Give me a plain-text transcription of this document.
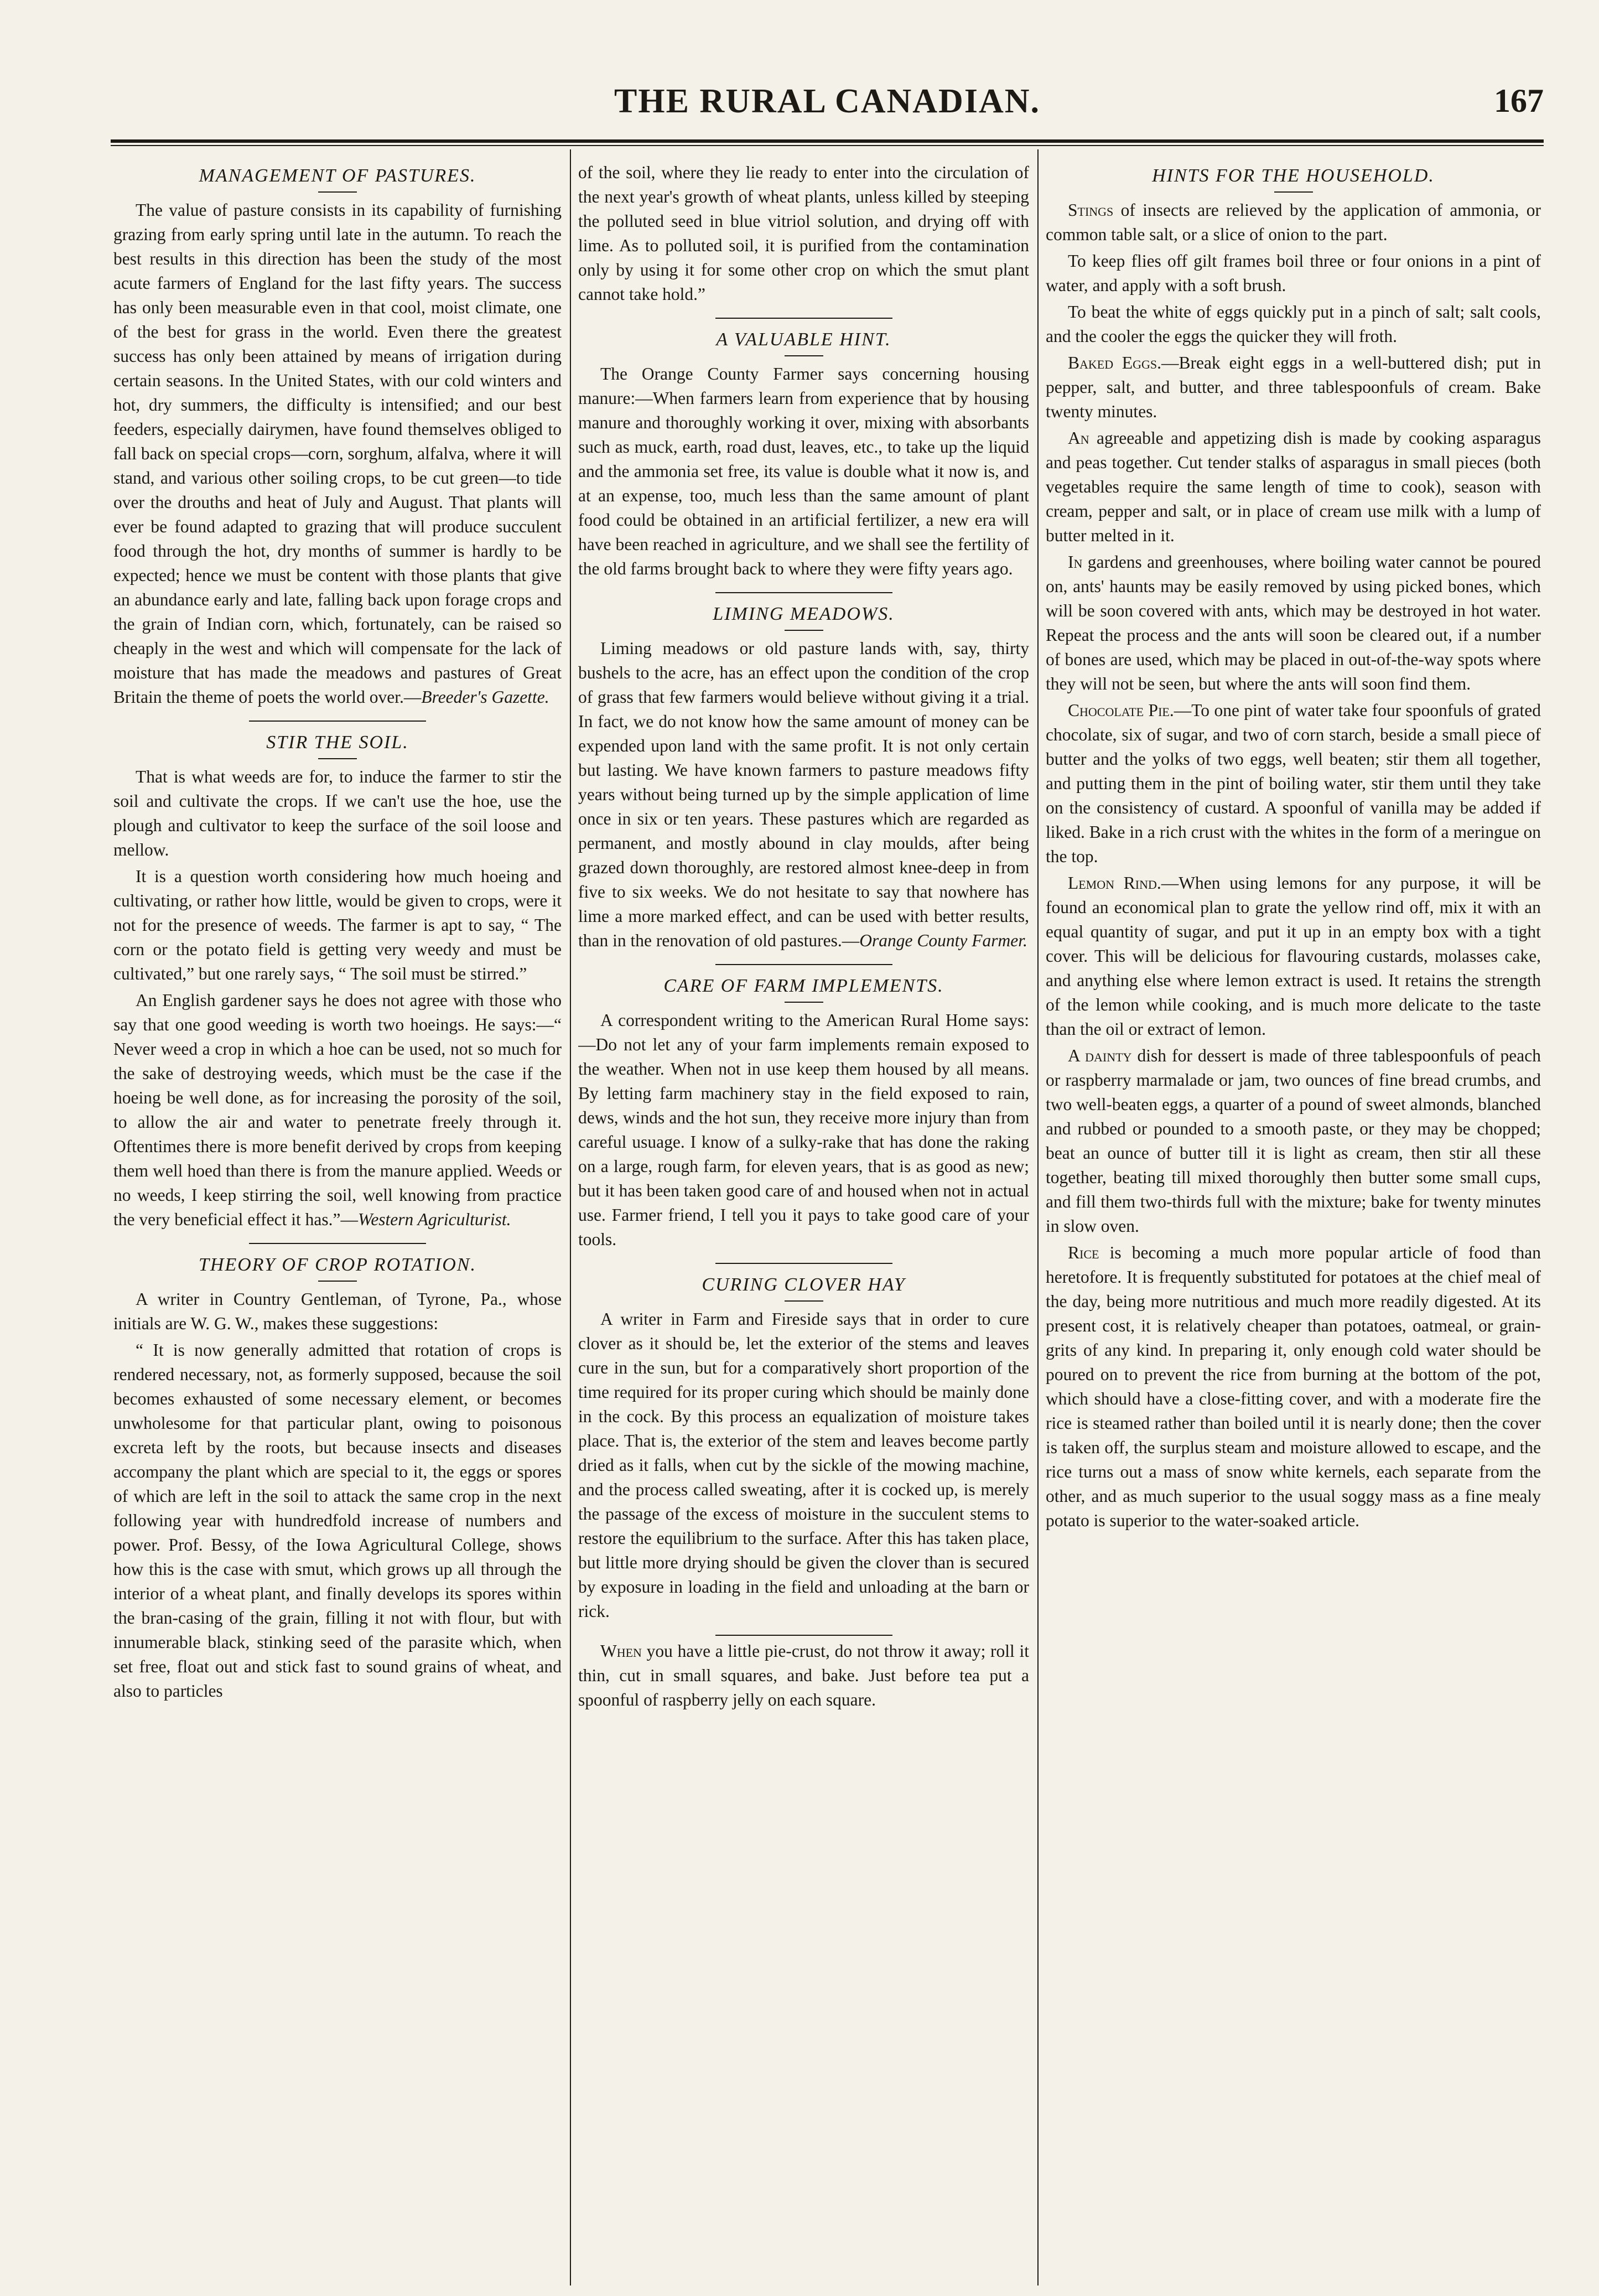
THE RURAL CANADIAN.	167
MANAGEMENT OF PASTURES.

The value of pasture consists in its capability of furnishing grazing from early spring until late in the autumn. To reach the best results in this direction has been the study of the most acute farmers of England for the last fifty years. The success has only been measurable even in that cool, moist climate, one of the best for grass in the world. Even there the greatest success has only been attained by means of irrigation during certain seasons. In the United States, with our cold winters and hot, dry summers, the difficulty is intensified; and our best feeders, especially dairymen, have found themselves obliged to fall back on special crops—corn, sorghum, alfalva, where it will stand, and various other soiling crops, to be cut green—to tide over the drouths and heat of July and August. That plants will ever be found adapted to grazing that will produce succulent food through the hot, dry months of summer is hardly to be expected; hence we must be content with those plants that give an abundance early and late, falling back upon forage crops and the grain of Indian corn, which, fortunately, can be raised so cheaply in the west and which will compensate for the lack of moisture that has made the meadows and pastures of Great Britain the theme of poets the world over.—Breeder's Gazette.

STIR THE SOIL.

That is what weeds are for, to induce the farmer to stir the soil and cultivate the crops. If we can't use the hoe, use the plough and cultivator to keep the surface of the soil loose and mellow.

It is a question worth considering how much hoeing and cultivating, or rather how little, would be given to crops, were it not for the presence of weeds. The farmer is apt to say, “ The corn or the potato field is getting very weedy and must be cultivated,” but one rarely says, “ The soil must be stirred.”

An English gardener says he does not agree with those who say that one good weeding is worth two hoeings. He says:—“ Never weed a crop in which a hoe can be used, not so much for the sake of destroying weeds, which must be the case if the hoeing be well done, as for increasing the porosity of the soil, to allow the air and water to penetrate freely through it. Oftentimes there is more benefit derived by crops from keeping them well hoed than there is from the manure applied. Weeds or no weeds, I keep stirring the soil, well knowing from practice the very beneficial effect it has.”—Western Agriculturist.

THEORY OF CROP ROTATION.

A writer in Country Gentleman, of Tyrone, Pa., whose initials are W. G. W., makes these suggestions:

“ It is now generally admitted that rotation of crops is rendered necessary, not, as formerly supposed, because the soil becomes exhausted of some necessary element, or becomes unwholesome for that particular plant, owing to poisonous excreta left by the roots, but because insects and diseases accompany the plant which are special to it, the eggs or spores of which are left in the soil to attack the same crop in the next following year with hundredfold increase of numbers and power. Prof. Bessy, of the Iowa Agricultural College, shows how this is the case with smut, which grows up all through the interior of a wheat plant, and finally develops its spores within the bran-casing of the grain, filling it not with flour, but with innumerable black, stinking seed of the parasite which, when set free, float out and stick fast to sound grains of wheat, and also to particles

of the soil, where they lie ready to enter into the circulation of the next year's growth of wheat plants, unless killed by steeping the polluted seed in blue vitriol solution, and drying off with lime. As to polluted soil, it is purified from the contamination only by using it for some other crop on which the smut plant cannot take hold.”

A VALUABLE HINT.

The Orange County Farmer says concerning housing manure:—When farmers learn from experience that by housing manure and thoroughly working it over, mixing with absorbants such as muck, earth, road dust, leaves, etc., to take up the liquid and the ammonia set free, its value is double what it now is, and at an expense, too, much less than the same amount of plant food could be obtained in an artificial fertilizer, a new era will have been reached in agriculture, and we shall see the fertility of the old farms brought back to where they were fifty years ago.

LIMING MEADOWS.

Liming meadows or old pasture lands with, say, thirty bushels to the acre, has an effect upon the condition of the crop of grass that few farmers would believe without giving it a trial. In fact, we do not know how the same amount of money can be expended upon land with the same profit. It is not only certain but lasting. We have known farmers to pasture meadows fifty years without being turned up by the simple application of lime once in six or ten years. These pastures which are regarded as permanent, and mostly abound in clay moulds, after being grazed down thoroughly, are restored almost knee-deep in from five to six weeks. We do not hesitate to say that nowhere has lime a more marked effect, and can be used with better results, than in the renovation of old pastures.—Orange County Farmer.

CARE OF FARM IMPLEMENTS.

A correspondent writing to the American Rural Home says:—Do not let any of your farm implements remain exposed to the weather. When not in use keep them housed by all means. By letting farm machinery stay in the field exposed to rain, dews, winds and the hot sun, they receive more injury than from careful usuage. I know of a sulky-rake that has done the raking on a large, rough farm, for eleven years, that is as good as new; but it has been taken good care of and housed when not in actual use. Farmer friend, I tell you it pays to take good care of your tools.

CURING CLOVER HAY

A writer in Farm and Fireside says that in order to cure clover as it should be, let the exterior of the stems and leaves cure in the sun, but for a comparatively short proportion of the time required for its proper curing which should be mainly done in the cock. By this process an equalization of moisture takes place. That is, the exterior of the stem and leaves become partly dried as it falls, when cut by the sickle of the mowing machine, and the process called sweating, after it is cocked up, is merely the passage of the excess of moisture in the succulent stems to restore the equilibrium to the surface. After this has taken place, but little more drying should be given the clover than is secured by exposure in loading in the field and unloading at the barn or rick.

When you have a little pie-crust, do not throw it away; roll it thin, cut in small squares, and bake. Just before tea put a spoonful of raspberry jelly on each square.

HINTS FOR THE HOUSEHOLD.

Stings of insects are relieved by the application of ammonia, or common table salt, or a slice of onion to the part.

To keep flies off gilt frames boil three or four onions in a pint of water, and apply with a soft brush.

To beat the white of eggs quickly put in a pinch of salt; salt cools, and the cooler the eggs the quicker they will froth.

Baked Eggs.—Break eight eggs in a well-buttered dish; put in pepper, salt, and butter, and three tablespoonfuls of cream. Bake twenty minutes.

An agreeable and appetizing dish is made by cooking asparagus and peas together. Cut tender stalks of asparagus in small pieces (both vegetables require the same length of time to cook), season with cream, pepper and salt, or in place of cream use milk with a lump of butter melted in it.

In gardens and greenhouses, where boiling water cannot be poured on, ants' haunts may be easily removed by using picked bones, which will be soon covered with ants, which may be destroyed in hot water. Repeat the process and the ants will soon be cleared out, if a number of bones are used, which may be placed in out-of-the-way spots where they will not be seen, but where the ants will soon find them.

Chocolate Pie.—To one pint of water take four spoonfuls of grated chocolate, six of sugar, and two of corn starch, beside a small piece of butter and the yolks of two eggs, well beaten; stir them all together, and putting them in the pint of boiling water, stir them until they take on the consistency of custard. A spoonful of vanilla may be added if liked. Bake in a rich crust with the whites in the form of a meringue on the top.

Lemon Rind.—When using lemons for any purpose, it will be found an economical plan to grate the yellow rind off, mix it with an equal quantity of sugar, and put it up in an empty box with a tight cover. This will be delicious for flavouring custards, molasses cake, and anything else where lemon extract is used. It retains the strength of the lemon while cooking, and is much more delicate to the taste than the oil or extract of lemon.

A dainty dish for dessert is made of three tablespoonfuls of peach or raspberry marmalade or jam, two ounces of fine bread crumbs, and two well-beaten eggs, a quarter of a pound of sweet almonds, blanched and rubbed or pounded to a smooth paste, or they may be chopped; beat an ounce of butter till it is light as cream, then stir all these together, beating till mixed thoroughly then butter some small cups, and fill them two-thirds full with the mixture; bake for twenty minutes in slow oven.

Rice is becoming a much more popular article of food than heretofore. It is frequently substituted for potatoes at the chief meal of the day, being more nutritious and much more readily digested. At its present cost, it is relatively cheaper than potatoes, oatmeal, or grain-grits of any kind. In preparing it, only enough cold water should be poured on to prevent the rice from burning at the bottom of the pot, which should have a close-fitting cover, and with a moderate fire the rice is steamed rather than boiled until it is nearly done; then the cover is taken off, the surplus steam and moisture allowed to escape, and the rice turns out a mass of snow white kernels, each separate from the other, and as much superior to the usual soggy mass as a fine mealy potato is superior to the water-soaked article.
